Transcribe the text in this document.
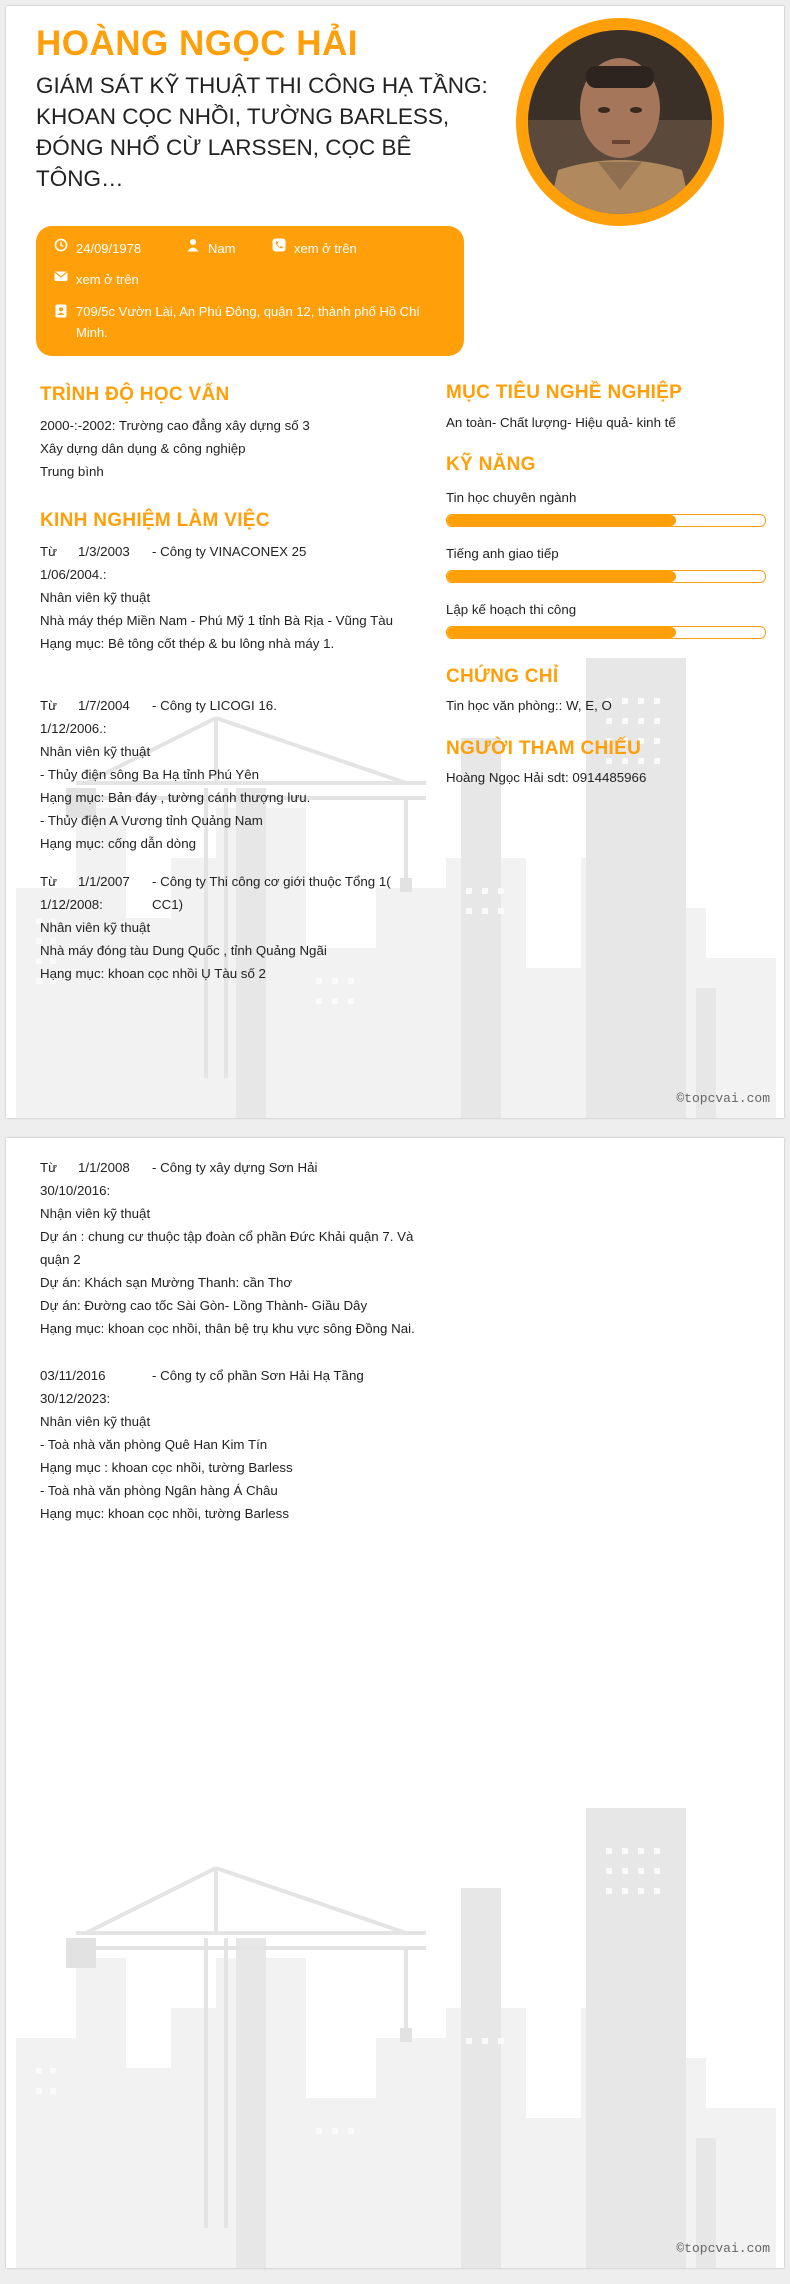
HOÀNG NGỌC HẢI
GIÁM SÁT KỸ THUẬT THI CÔNG HẠ TẦNG: KHOAN CỌC NHỒI, TƯỜNG BARLESS, ĐÓNG NHỔ CỪ LARSSEN, CỌC BÊ TÔNG…
24/09/1978	Nam	xem ở trên
xem ở trên
709/5c Vườn Lài, An Phú Đông, quận 12, thành phố Hồ Chí Minh.
TRÌNH ĐỘ HỌC VẤN
2000-:-2002: Trường cao đẳng xây dựng số 3
Xây dựng dân dụng & công nghiệp
Trung bình
KINH NGHIỆM LÀM VIỆC
Từ	1/3/2003	- Công ty VINACONEX 25
1/06/2004.:
Nhân viên kỹ thuật
Nhà máy thép Miền Nam - Phú Mỹ 1 tỉnh Bà Rịa - Vũng Tàu
Hạng mục: Bê tông cốt thép & bu lông nhà máy 1.
Từ	1/7/2004	- Công ty LICOGI 16.
1/12/2006.:
Nhân viên kỹ thuật
- Thủy điện sông Ba Hạ tỉnh Phú Yên
Hạng mục: Bản đáy , tường cánh thượng lưu.
- Thủy điện A Vương tỉnh Quảng Nam
Hạng mục: cống dẫn dòng
Từ	1/1/2007	- Công ty Thi công cơ giới thuộc Tổng 1( CC1)
1/12/2008:
Nhân viên kỹ thuật
Nhà máy đóng tàu Dung Quốc , tỉnh Quảng Ngãi
Hạng mục: khoan cọc nhồi Ụ Tàu số 2
MỤC TIÊU NGHỀ NGHIỆP
An toàn- Chất lượng- Hiệu quả- kinh tế
KỸ NĂNG
Tin học chuyên ngành
Tiếng anh giao tiếp
Lập kế hoạch thi công
CHỨNG CHỈ
Tin học văn phòng:: W, E, O
NGƯỜI THAM CHIẾU
Hoàng Ngọc Hải sdt: 0914485966
©topcvai.com
Từ	1/1/2008	- Công ty xây dựng Sơn Hải
30/10/2016:
Nhận viên kỹ thuật
Dự án : chung cư thuộc tập đoàn cổ phần Đức Khải quận 7. Và quận 2
Dự án: Khách sạn Mường Thanh: cần Thơ
Dự án: Đường cao tốc Sài Gòn- Lồng Thành- Giầu Dây
Hạng mục: khoan cọc nhồi, thân bệ trụ khu vực sông Đồng Nai.
03/11/2016	- Công ty cổ phần Sơn Hải Hạ Tầng
30/12/2023:
Nhân viên kỹ thuật
- Toà nhà văn phòng Quê Han Kim Tín
Hạng mục : khoan cọc nhồi, tường Barless
- Toà nhà văn phòng Ngân hàng Á Châu
Hạng mục: khoan cọc nhồi, tường Barless
©topcvai.com
